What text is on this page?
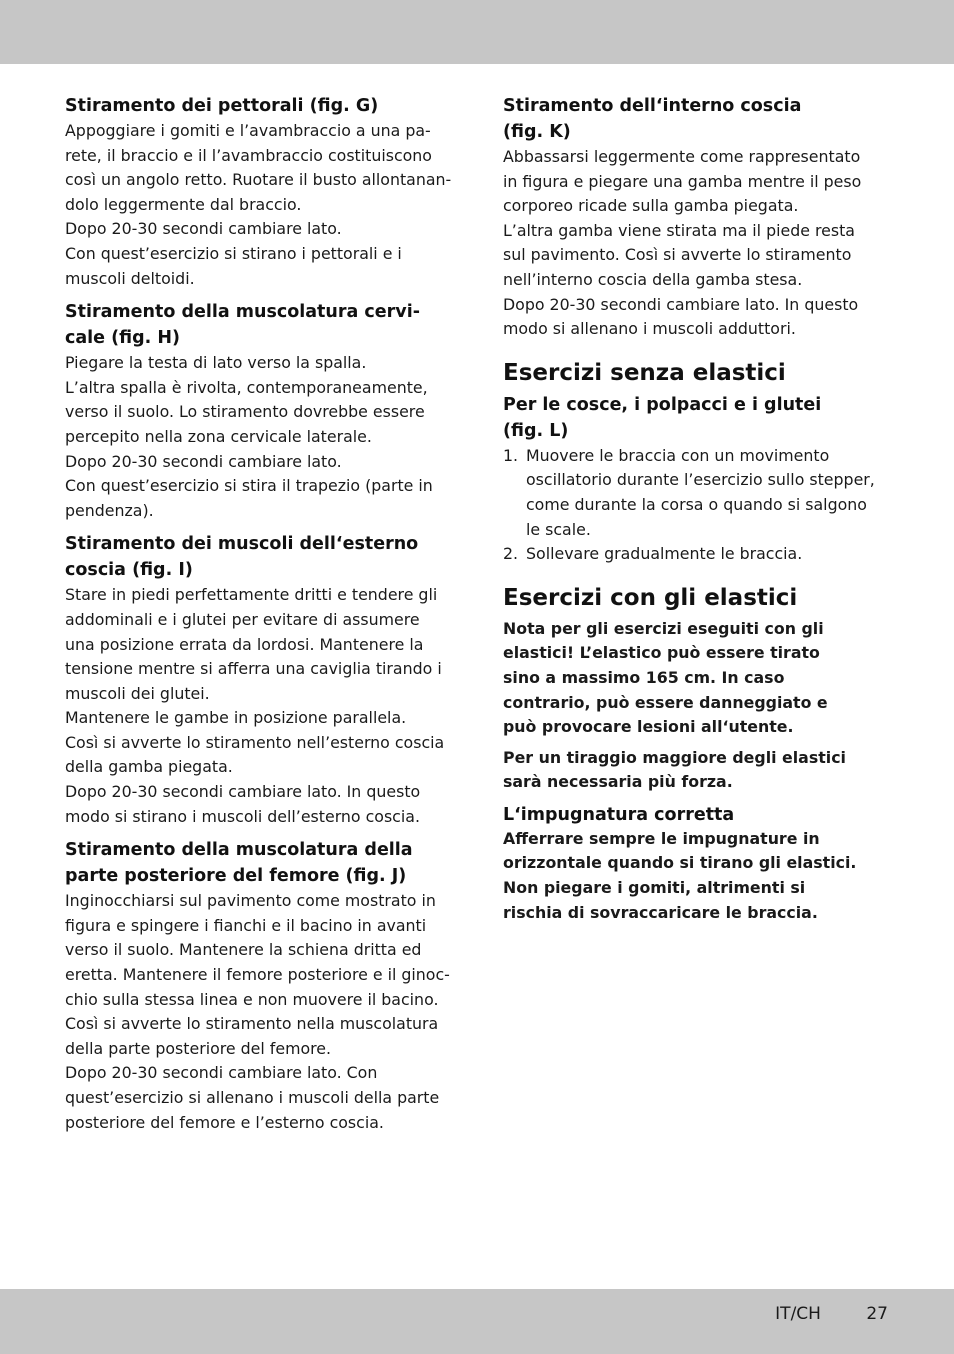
Stiramento dei pettorali (fig. G)

Appoggiare i gomiti e l’avambraccio a una pa-
rete, il braccio e il l’avambraccio costituiscono
così un angolo retto. Ruotare il busto allontanan-
dolo leggermente dal braccio.
Dopo 20-30 secondi cambiare lato.
Con quest’esercizio si stirano i pettorali e i
muscoli deltoidi.

Stiramento della muscolatura cervi-
cale (fig. H)

Piegare la testa di lato verso la spalla.
L’altra spalla è rivolta, contemporaneamente,
verso il suolo. Lo stiramento dovrebbe essere
percepito nella zona cervicale laterale.
Dopo 20-30 secondi cambiare lato.
Con quest’esercizio si stira il trapezio (parte in
pendenza).

Stiramento dei muscoli dell‘esterno
coscia (fig. I)

Stare in piedi perfettamente dritti e tendere gli
addominali e i glutei per evitare di assumere
una posizione errata da lordosi. Mantenere la
tensione mentre si afferra una caviglia tirando i
muscoli dei glutei.
Mantenere le gambe in posizione parallela.
Così si avverte lo stiramento nell’esterno coscia
della gamba piegata.
Dopo 20-30 secondi cambiare lato. In questo
modo si stirano i muscoli dell’esterno coscia.

Stiramento della muscolatura della
parte posteriore del femore (fig. J)

Inginocchiarsi sul pavimento come mostrato in
figura e spingere i fianchi e il bacino in avanti
verso il suolo. Mantenere la schiena dritta ed
eretta. Mantenere il femore posteriore e il ginoc-
chio sulla stessa linea e non muovere il bacino.
Così si avverte lo stiramento nella muscolatura
della parte posteriore del femore.
Dopo 20-30 secondi cambiare lato. Con
quest’esercizio si allenano i muscoli della parte
posteriore del femore e l’esterno coscia.

Stiramento dell‘interno coscia
(fig. K)

Abbassarsi leggermente come rappresentato
in figura e piegare una gamba mentre il peso
corporeo ricade sulla gamba piegata.
L’altra gamba viene stirata ma il piede resta
sul pavimento. Così si avverte lo stiramento
nell’interno coscia della gamba stesa.
Dopo 20-30 secondi cambiare lato. In questo
modo si allenano i muscoli adduttori.

Esercizi senza elastici
Per le cosce, i polpacci e i glutei
(fig. L)
1. Muovere le braccia con un movimento
oscillatorio durante l’esercizio sullo stepper,
come durante la corsa o quando si salgono
le scale.
2. Sollevare gradualmente le braccia.
Esercizi con gli elastici

Nota per gli esercizi eseguiti con gli
elastici! L’elastico può essere tirato
sino a massimo 165 cm. In caso
contrario, può essere danneggiato e
può provocare lesioni all‘utente.

Per un tiraggio maggiore degli elastici
sarà necessaria più forza.

L‘impugnatura corretta

Afferrare sempre le impugnature in
orizzontale quando si tirano gli elastici.
Non piegare i gomiti, altrimenti si
rischia di sovraccaricare le braccia.

IT/CH	27
